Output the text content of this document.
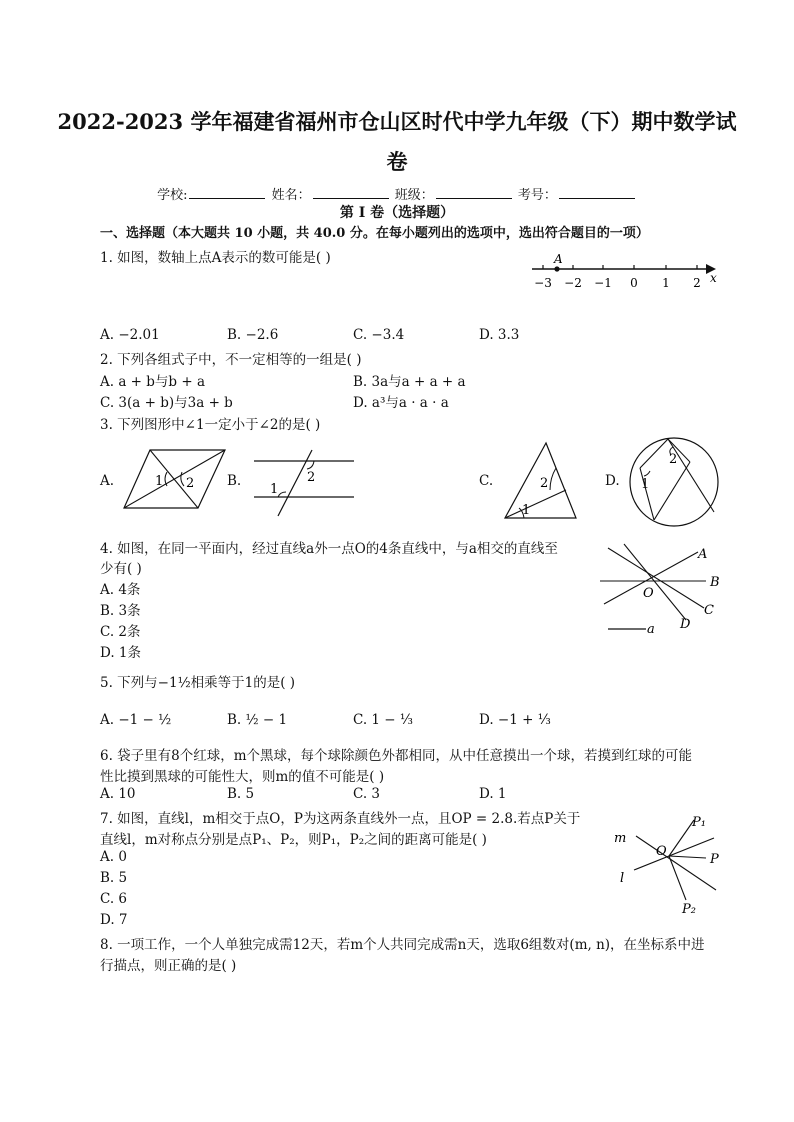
2022-2023 学年福建省福州市仓山区时代中学九年级（下）期中数学试
卷
学校:	姓名：	班级：	考号：
第 I 卷（选择题）
一、选择题（本大题共 10 小题，共 40.0 分。在每小题列出的选项中，选出符合题目的一项）
1. 如图，数轴上点A表示的数可能是( )	A
x
−3 −2 −1 0 1 2
A. −2.01	B. −2.6	C. −3.4	D. 3.3
2. 下列各组式子中，不一定相等的一组是( )
A. a + b与b + a	B. 3a与a + a + a
C. 3(a + b)与3a + b	D. a³与a · a · a
3. 下列图形中∠1一定小于∠2的是( )
A.	1 2 B.	2
1
C.
1
2	D.
2
1
4. 如图，在同一平面内，经过直线a外一点O的4条直线中，与a相交的直线至
少有( )
A. 4条
B. 3条
C. 2条
D. 1条
A
B
O
C
D
a
5. 下列与−1½相乘等于1的是( )
A. −1 − ½	B. ½ − 1	C. 1 − ⅓	D. −1 + ⅓
6. 袋子里有8个红球，m个黑球，每个球除颜色外都相同，从中任意摸出一个球，若摸到红球的可能
性比摸到黑球的可能性大，则m的值不可能是( )
A. 10	B. 5	C. 3	D. 1
7. 如图，直线l，m相交于点O，P为这两条直线外一点，且OP = 2.8.若点P关于
直线l，m对称点分别是点P₁、P₂，则P₁，P₂之间的距离可能是( )
A. 0
B. 5
C. 6
D. 7
m
O
P₁
P
l
P₂
8. 一项工作，一个人单独完成需12天，若m个人共同完成需n天，选取6组数对(m, n)，在坐标系中进
行描点，则正确的是( )
